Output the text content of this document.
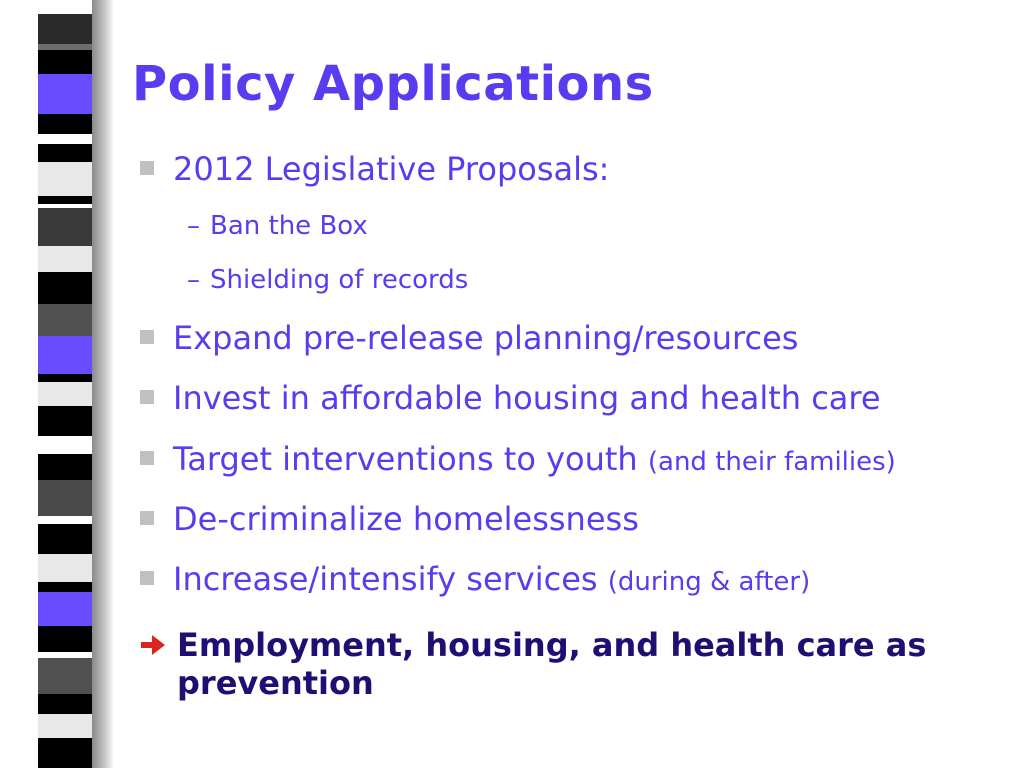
Policy Applications
2012 Legislative Proposals:
– Ban the Box
– Shielding of records
Expand pre-release planning/resources
Invest in affordable housing and health care
Target interventions to youth (and their families)
De-criminalize homelessness
Increase/intensify services (during & after)
Employment, housing, and health care as prevention
